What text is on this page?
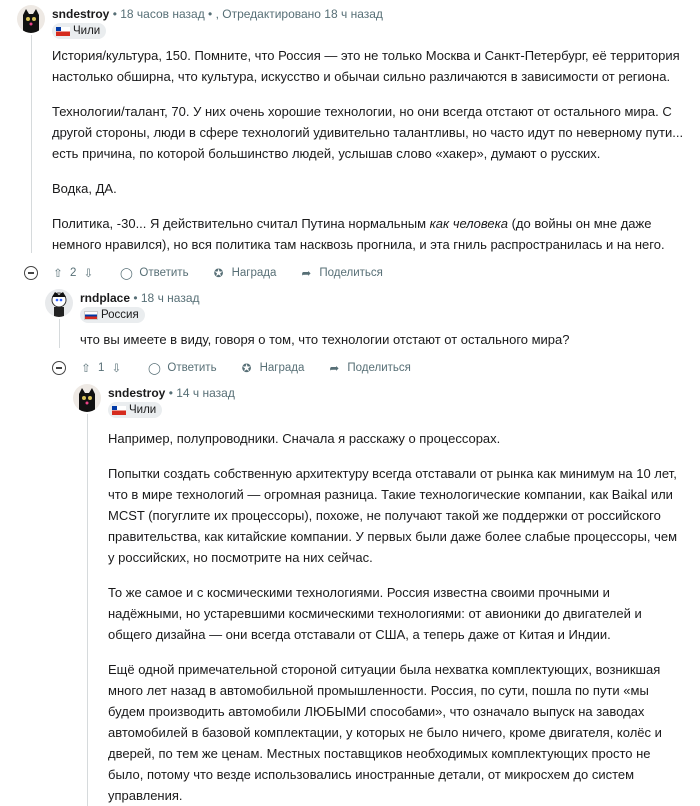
sndestroy • 18 часов назад • , Отредактировано 18 ч назад
Чили

История/культура, 150. Помните, что Россия — это не только Москва и Санкт-Петербург, её территория настолько обширна, что культура, искусство и обычаи сильно различаются в зависимости от региона.

Технологии/талант, 70. У них очень хорошие технологии, но они всегда отстают от остального мира. С другой стороны, люди в сфере технологий удивительно талантливы, но часто идут по неверному пути... есть причина, по которой большинство людей, услышав слово «хакер», думают о русских.

Водка, ДА.

Политика, -30... Я действительно считал Путина нормальным как человека (до войны он мне даже немного нравился), но вся политика там насквозь прогнила, и эта гниль распространилась и на него.

⇧ 2 ⇩ ◯ Ответить ✪ Награда ➦ Поделиться
rndplace • 18 ч назад
Россия

что вы имеете в виду, говоря о том, что технологии отстают от остального мира?

⇧ 1 ⇩ ◯ Ответить ✪ Награда ➦ Поделиться
sndestroy • 14 ч назад
Чили

Например, полупроводники. Сначала я расскажу о процессорах.

Попытки создать собственную архитектуру всегда отставали от рынка как минимум на 10 лет, что в мире технологий — огромная разница. Такие технологические компании, как Baikal или MCST (погуглите их процессоры), похоже, не получают такой же поддержки от российского правительства, как китайские компании. У первых были даже более слабые процессоры, чем у российских, но посмотрите на них сейчас.

То же самое и с космическими технологиями. Россия известна своими прочными и надёжными, но устаревшими космическими технологиями: от авионики до двигателей и общего дизайна — они всегда отставали от США, а теперь даже от Китая и Индии.

Ещё одной примечательной стороной ситуации была нехватка комплектующих, возникшая много лет назад в автомобильной промышленности. Россия, по сути, пошла по пути «мы будем производить автомобили ЛЮБЫМИ способами», что означало выпуск на заводах автомобилей в базовой комплектации, у которых не было ничего, кроме двигателя, колёс и дверей, по тем же ценам. Местных поставщиков необходимых комплектующих просто не было, потому что везде использовались иностранные детали, от микросхем до систем управления.
